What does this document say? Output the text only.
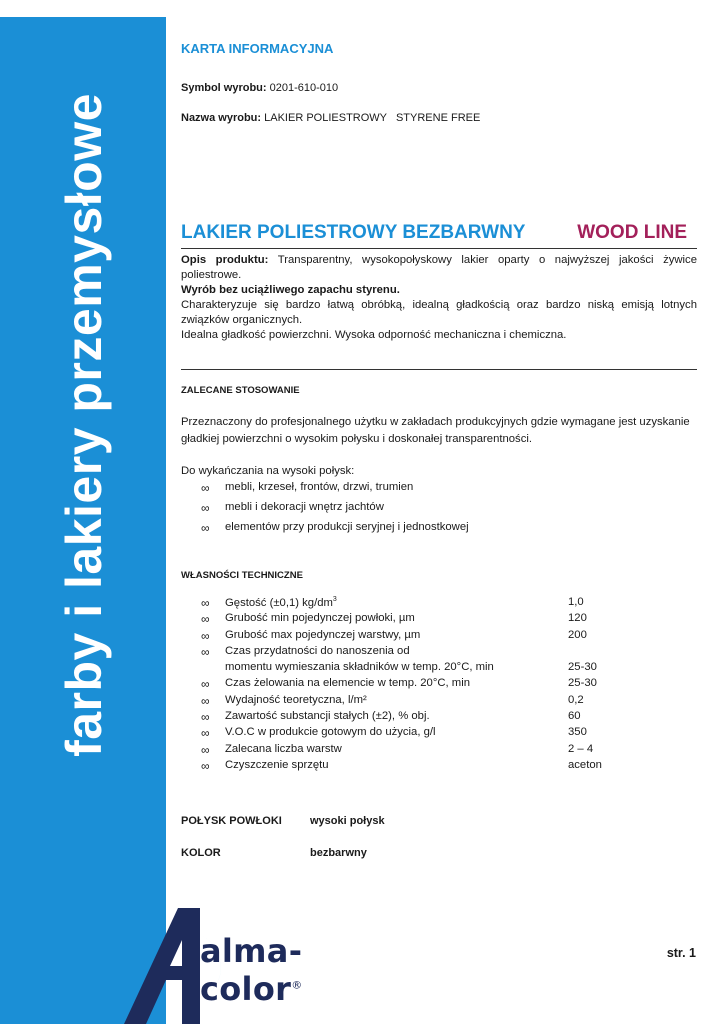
farby i lakiery przemysłowe
alma-color®
KARTA INFORMACYJNA
Symbol wyrobu: 0201-610-010
Nazwa wyrobu: LAKIER POLIESTROWY   STYRENE FREE
LAKIER POLIESTROWY BEZBARWNY	WOOD LINE

Opis produktu: Transparentny, wysokopołyskowy lakier oparty o najwyższej jakości żywice poliestrowe.

Wyrób bez uciążliwego zapachu styrenu.

Charakteryzuje się bardzo łatwą obróbką, idealną gładkością oraz bardzo niską emisją lotnych związków organicznych.

Idealna gładkość powierzchni. Wysoka odporność mechaniczna i chemiczna.

ZALECANE STOSOWANIE
Przeznaczony do profesjonalnego użytku w zakładach produkcyjnych gdzie wymagane jest uzyskanie gładkiej powierzchni o wysokim połysku i doskonałej transparentności.
Do wykańczania na wysoki połysk:
∞ mebli, krzeseł, frontów, drzwi, trumien
∞ mebli i dekoracji wnętrz jachtów
∞ elementów przy produkcji seryjnej i jednostkowej
WŁASNOŚCI TECHNICZNE
∞ Gęstość (±0,1) $kg/dm^3$	1,0
∞ Grubość min pojedynczej powłoki, µm	120
∞ Grubość max pojedynczej warstwy, µm	200
∞ Czas przydatności do nanoszenia od
momentu wymieszania składników w temp. 20°C, min	25-30
∞ Czas żelowania na elemencie w temp. 20°C, min	25-30
∞ Wydajność teoretyczna, l/m²	0,2
∞ Zawartość substancji stałych (±2), % obj.	60
∞ V.O.C w produkcie gotowym do użycia, g/l	350
∞ Zalecana liczba warstw	2 – 4
∞ Czyszczenie sprzętu	aceton
POŁYSK POWŁOKI	wysoki połysk
KOLOR	bezbarwny
str. 1
